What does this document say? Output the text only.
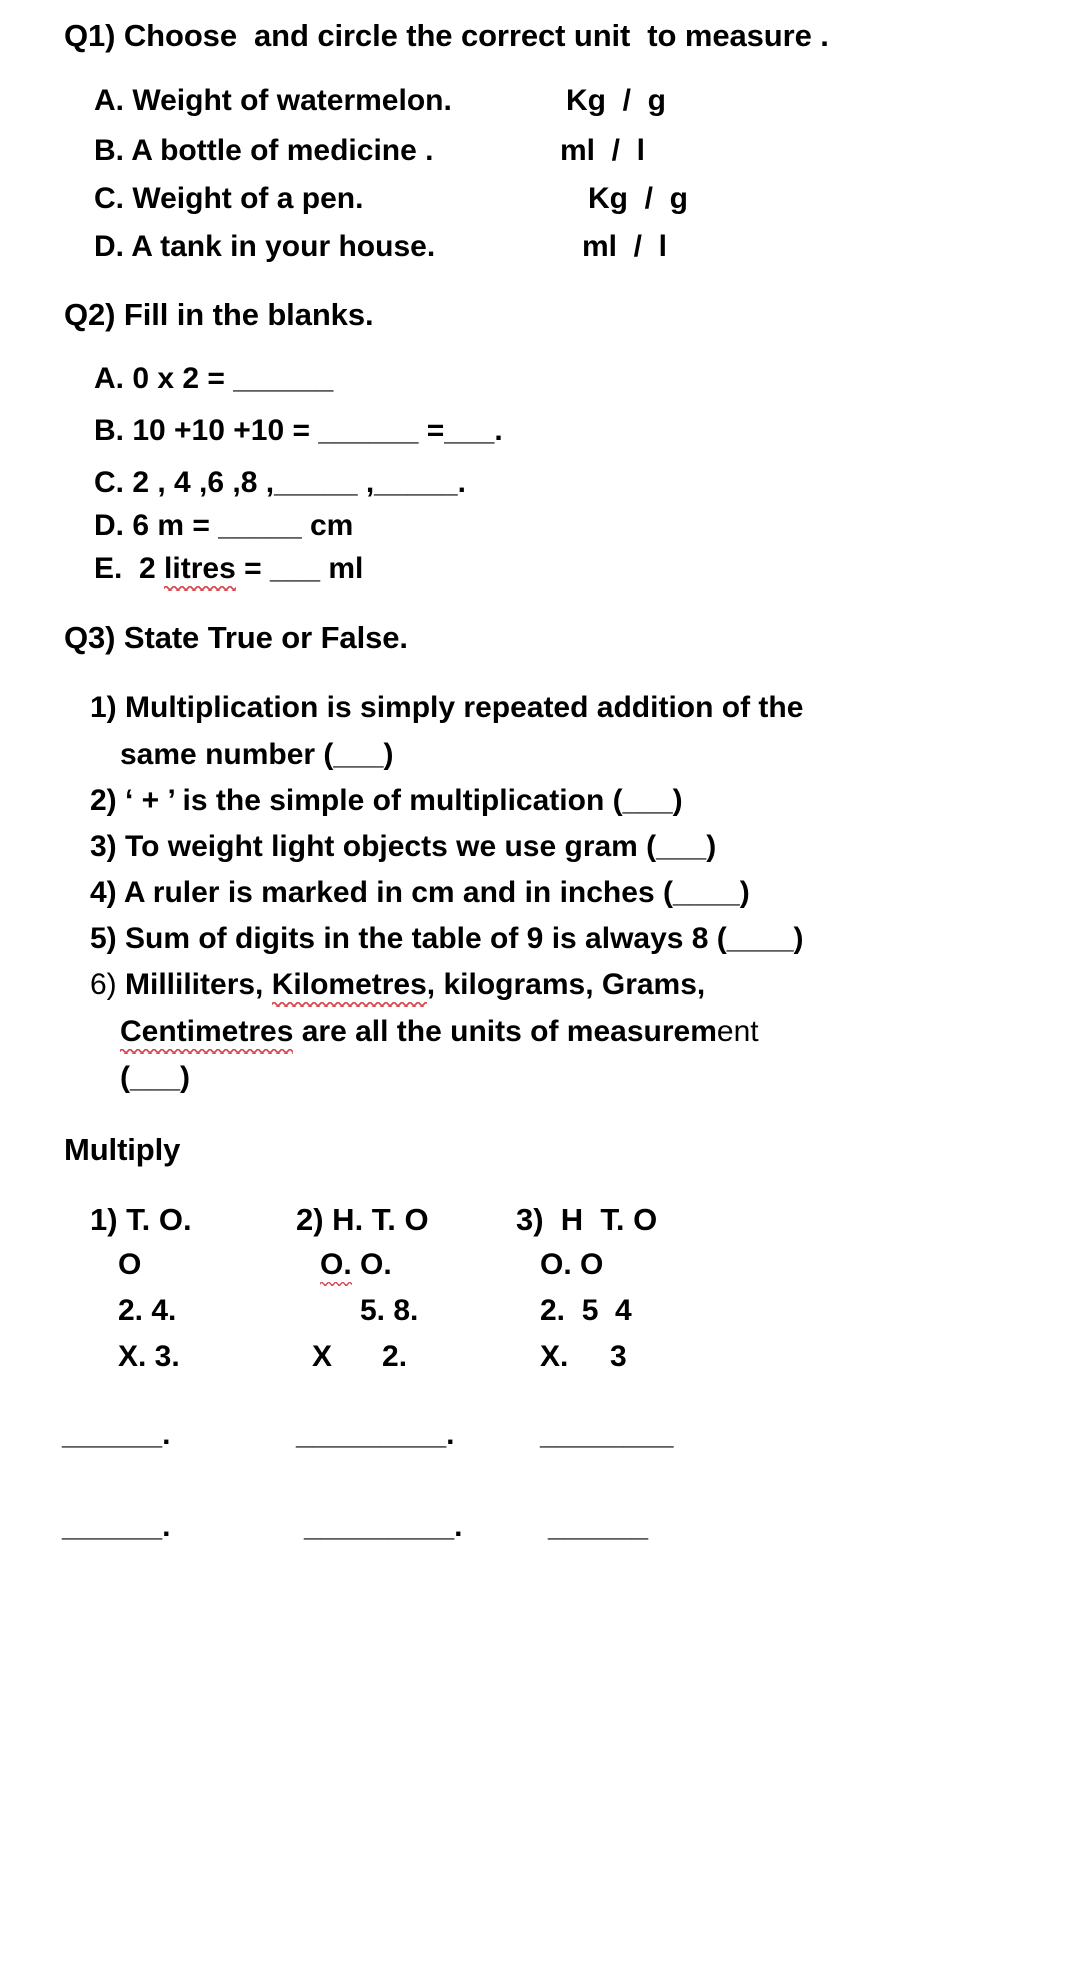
Q1) Choose  and circle the correct unit  to measure .
A. Weight of watermelon.	Kg  /  g
B. A bottle of medicine .	ml  /  l
C. Weight of a pen.	Kg  /  g
D. A tank in your house.	ml  /  l
Q2) Fill in the blanks.
A. 0 x 2 = ______
B. 10 +10 +10 = ______ =___.
C. 2 , 4 ,6 ,8 ,_____ ,_____.
D. 6 m = _____ cm
E.  2 litres = ___ ml
Q3) State True or False.
1) Multiplication is simply repeated addition of the
same number (___)
2) ‘ + ’ is the simple of multiplication (___)
3) To weight light objects we use gram (___)
4) A ruler is marked in cm and in inches (____)
5) Sum of digits in the table of 9 is always 8 (____)
6) Milliliters, Kilometres, kilograms, Grams,
Centimetres are all the units of measurement
(___)
Multiply
1) T. O.
O
2. 4.
X. 3.
______.
______.
2) H. T. O
O. O.
5. 8.
X      2.
_________.
_________.
3)  H  T. O
O. O
2.  5  4
X.     3
________
______
